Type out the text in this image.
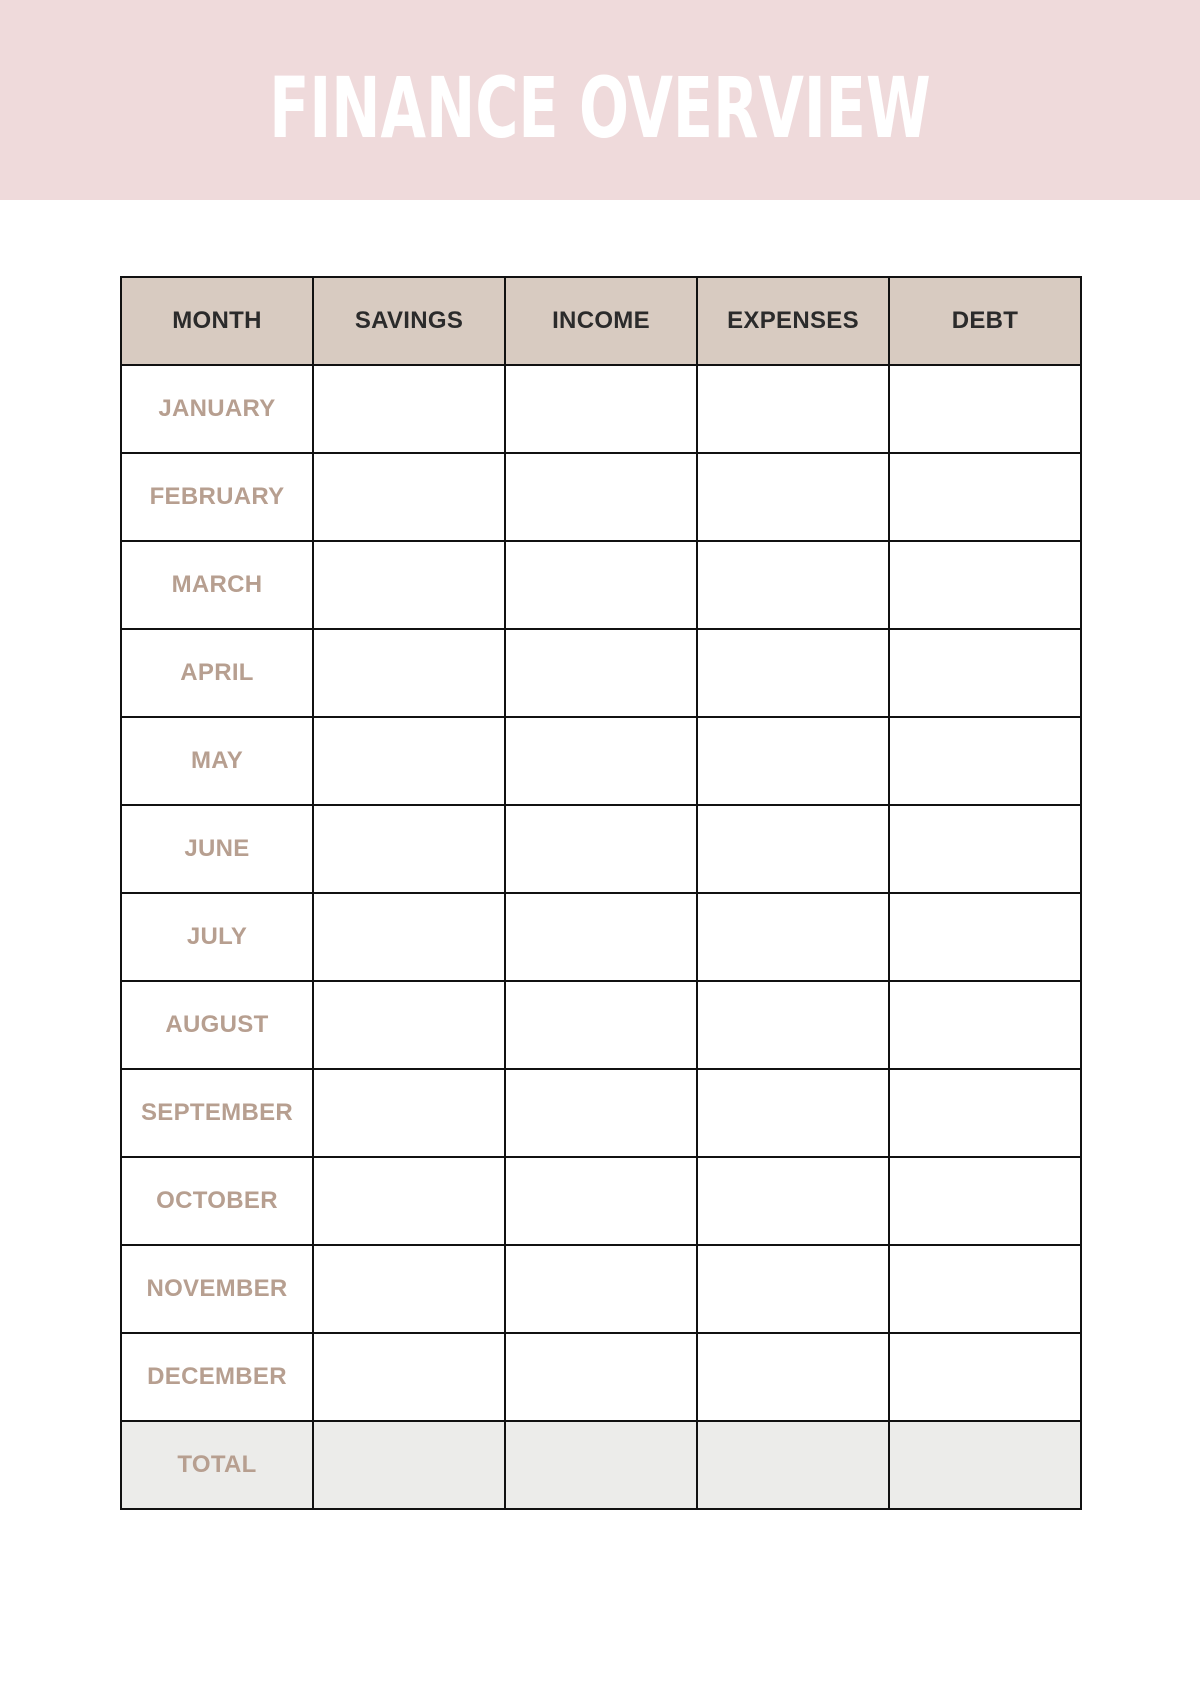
FINANCE OVERVIEW
MONTH	SAVINGS	INCOME	EXPENSES	DEBT
JANUARY				
FEBRUARY				
MARCH				
APRIL				
MAY				
JUNE				
JULY				
AUGUST				
SEPTEMBER				
OCTOBER				
NOVEMBER				
DECEMBER				
TOTAL				
